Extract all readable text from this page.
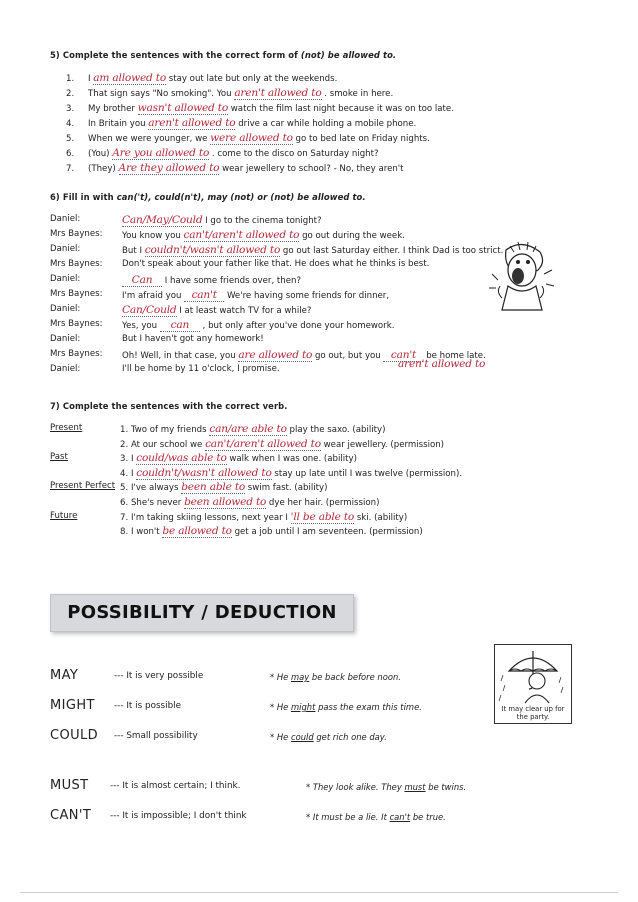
5) Complete the sentences with the correct form of (not) be allowed to.
1. I am allowed to stay out late but only at the weekends.
2. That sign says "No smoking". You aren't allowed to . smoke in here.
3. My brother wasn't allowed to watch the film last night because it was on too late.
4. In Britain you aren't allowed to drive a car while holding a mobile phone.
5. When we were younger, we were allowed to go to bed late on Friday nights.
6. (You) Are you allowed to . come to the disco on Saturday night?
7. (They) Are they allowed to wear jewellery to school? - No, they aren't
6) Fill in with can('t), could(n't), may (not) or (not) be allowed to.
Daniel:	Can/May/Could I go to the cinema tonight?
Mrs Baynes: You know you can't/aren't allowed to go out during the week.
Daniel:	But I couldn't/wasn't allowed to go out last Saturday either. I think Dad is too strict.
Mrs Baynes: Don't speak about your father like that. He does what he thinks is best.
Daniel:	Can I have some friends over, then?
Mrs Baynes: I'm afraid you can't We're having some friends for dinner,
Daniel:	Can/Could I at least watch TV for a while?
Mrs Baynes: Yes, you can , but only after you've done your homework.
Daniel:	But I haven't got any homework!
Mrs Baynes: Oh! Well, in that case, you are allowed to go out, but you can't be home late.
Daniel:	I'll be home by 11 o'clock, I promise.	aren't allowed to
7) Complete the sentences with the correct verb.
Present	1. Two of my friends can/are able to play the saxo. (ability)
2. At our school we can't/aren't allowed to wear jewellery. (permission)
Past	3. I could/was able to walk when I was one. (ability)
4. I couldn't/wasn't allowed to stay up late until I was twelve (permission).
Present Perfect 5. I've always been able to swim fast. (ability)
6. She's never been allowed to dye her hair. (permission)
Future	7. I'm taking skiing lessons, next year I 'll be able to ski. (ability)
8. I won't be allowed to get a job until I am seventeen. (permission)
POSSIBILITY / DEDUCTION
MAY	--- It is very possible	* He may be back before noon.
MIGHT --- It is possible	* He might pass the exam this time.
COULD --- Small possibility	* He could get rich one day.
MUST --- It is almost certain; I think.	* They look alike. They must be twins.
CAN'T --- It is impossible; I don't think	* It must be a lie. It can't be true.
It may clear up for the party.
